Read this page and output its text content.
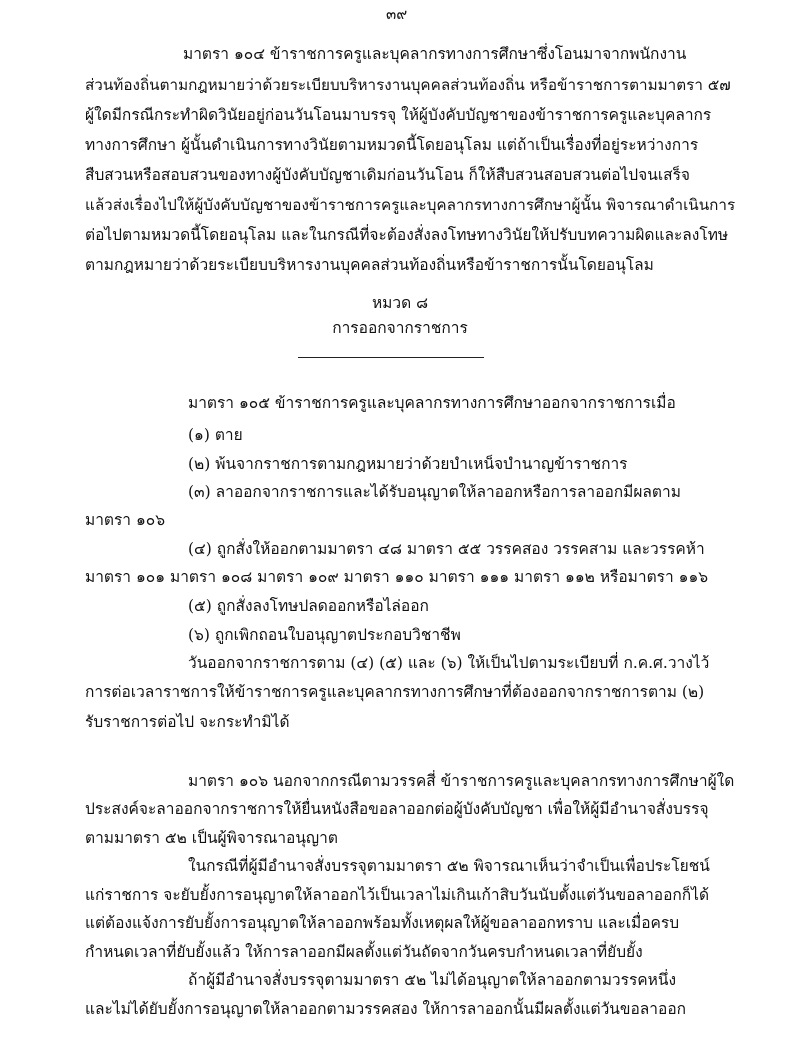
๓๙
มาตรา ๑๐๔ ข้าราชการครูและบุคลากรทางการศึกษาซึ่งโอนมาจากพนักงาน
ส่วนท้องถิ่นตามกฎหมายว่าด้วยระเบียบบริหารงานบุคคลส่วนท้องถิ่น หรือข้าราชการตามมาตรา ๕๗
ผู้ใดมีกรณีกระทำผิดวินัยอยู่ก่อนวันโอนมาบรรจุ ให้ผู้บังคับบัญชาของข้าราชการครูและบุคลากร
ทางการศึกษา ผู้นั้นดำเนินการทางวินัยตามหมวดนี้โดยอนุโลม แต่ถ้าเป็นเรื่องที่อยู่ระหว่างการ
สืบสวนหรือสอบสวนของทางผู้บังคับบัญชาเดิมก่อนวันโอน ก็ให้สืบสวนสอบสวนต่อไปจนเสร็จ
แล้วส่งเรื่องไปให้ผู้บังคับบัญชาของข้าราชการครูและบุคลากรทางการศึกษาผู้นั้น พิจารณาดำเนินการ
ต่อไปตามหมวดนี้โดยอนุโลม และในกรณีที่จะต้องสั่งลงโทษทางวินัยให้ปรับบทความผิดและลงโทษ
ตามกฎหมายว่าด้วยระเบียบบริหารงานบุคคลส่วนท้องถิ่นหรือข้าราชการนั้นโดยอนุโลม
หมวด ๘
การออกจากราชการ
มาตรา ๑๐๕ ข้าราชการครูและบุคลากรทางการศึกษาออกจากราชการเมื่อ
(๑) ตาย
(๒) พ้นจากราชการตามกฎหมายว่าด้วยบำเหน็จบำนาญข้าราชการ
(๓) ลาออกจากราชการและได้รับอนุญาตให้ลาออกหรือการลาออกมีผลตาม
มาตรา ๑๐๖
(๔) ถูกสั่งให้ออกตามมาตรา ๔๘ มาตรา ๕๕ วรรคสอง วรรคสาม และวรรคห้า
มาตรา ๑๐๑ มาตรา ๑๐๘ มาตรา ๑๐๙ มาตรา ๑๑๐ มาตรา ๑๑๑ มาตรา ๑๑๒ หรือมาตรา ๑๑๖
(๕) ถูกสั่งลงโทษปลดออกหรือไล่ออก
(๖) ถูกเพิกถอนใบอนุญาตประกอบวิชาชีพ
วันออกจากราชการตาม (๔) (๕) และ (๖) ให้เป็นไปตามระเบียบที่ ก.ค.ศ.วางไว้
การต่อเวลาราชการให้ข้าราชการครูและบุคลากรทางการศึกษาที่ต้องออกจากราชการตาม (๒)
รับราชการต่อไป จะกระทำมิได้
มาตรา ๑๐๖ นอกจากกรณีตามวรรคสี่ ข้าราชการครูและบุคลากรทางการศึกษาผู้ใด
ประสงค์จะลาออกจากราชการให้ยื่นหนังสือขอลาออกต่อผู้บังคับบัญชา เพื่อให้ผู้มีอำนาจสั่งบรรจุ
ตามมาตรา ๕๒ เป็นผู้พิจารณาอนุญาต
ในกรณีที่ผู้มีอำนาจสั่งบรรจุตามมาตรา ๕๒ พิจารณาเห็นว่าจำเป็นเพื่อประโยชน์
แก่ราชการ จะยับยั้งการอนุญาตให้ลาออกไว้เป็นเวลาไม่เกินเก้าสิบวันนับตั้งแต่วันขอลาออกก็ได้
แต่ต้องแจ้งการยับยั้งการอนุญาตให้ลาออกพร้อมทั้งเหตุผลให้ผู้ขอลาออกทราบ และเมื่อครบ
กำหนดเวลาที่ยับยั้งแล้ว ให้การลาออกมีผลตั้งแต่วันถัดจากวันครบกำหนดเวลาที่ยับยั้ง
ถ้าผู้มีอำนาจสั่งบรรจุตามมาตรา ๕๒ ไม่ได้อนุญาตให้ลาออกตามวรรคหนึ่ง
และไม่ได้ยับยั้งการอนุญาตให้ลาออกตามวรรคสอง ให้การลาออกนั้นมีผลตั้งแต่วันขอลาออก
